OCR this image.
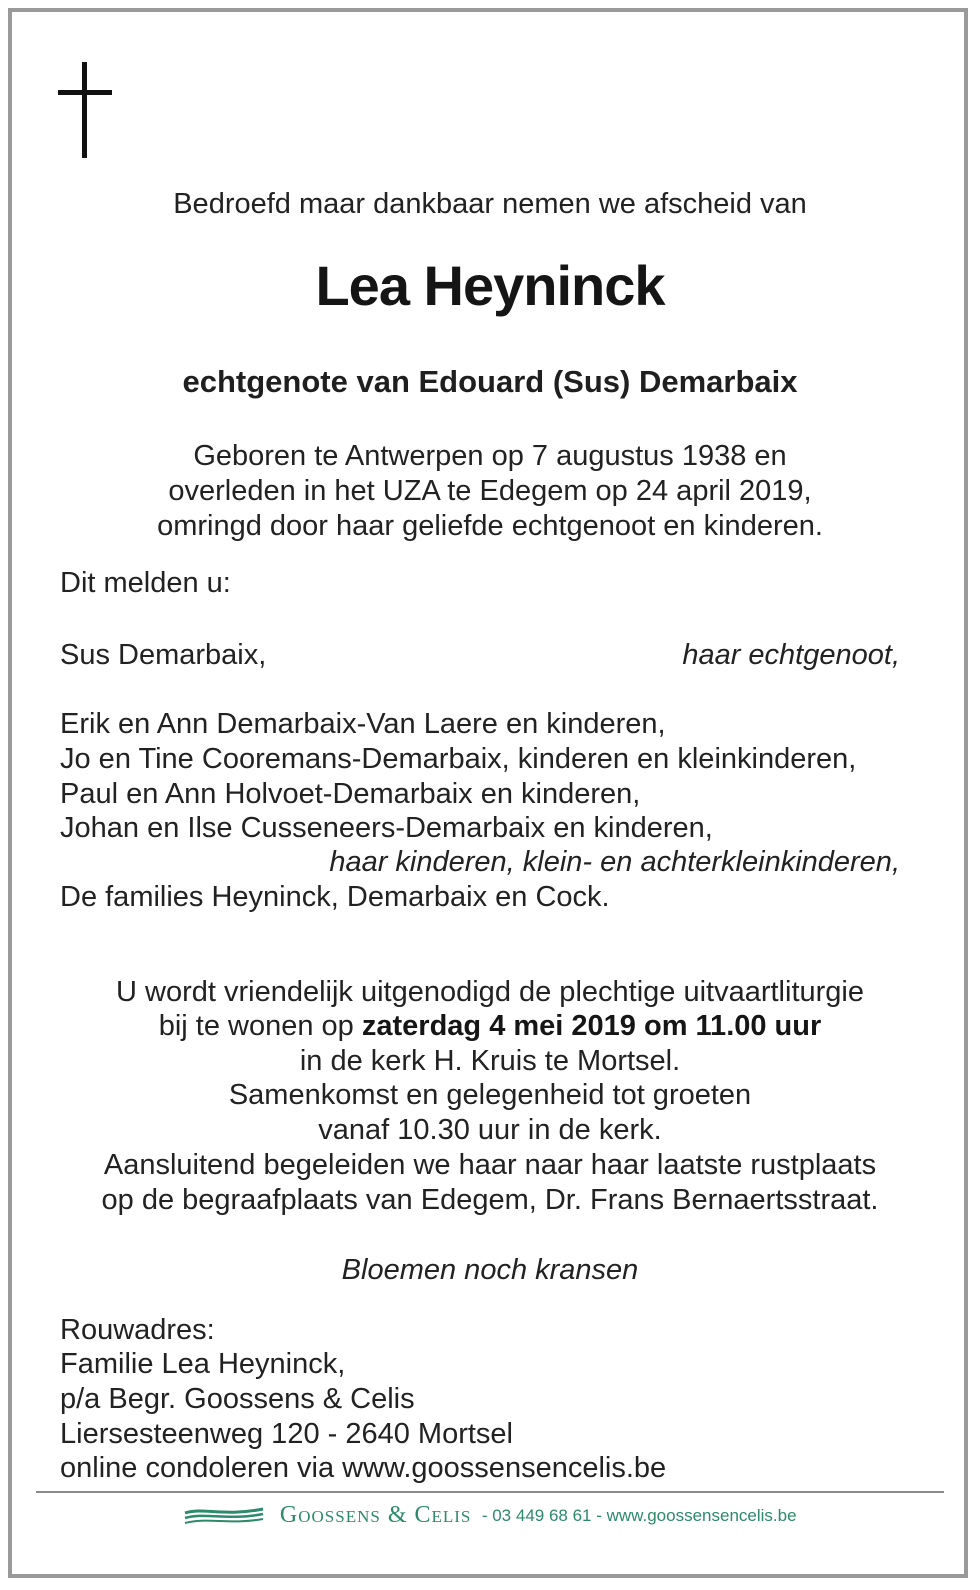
Bedroefd maar dankbaar nemen we afscheid van
Lea Heyninck
echtgenote van Edouard (Sus) Demarbaix
Geboren te Antwerpen op 7 augustus 1938 en
overleden in het UZA te Edegem op 24 april 2019,
omringd door haar geliefde echtgenoot en kinderen.
Dit melden u:
Sus Demarbaix,	haar echtgenoot,
Erik en Ann Demarbaix-Van Laere en kinderen,
Jo en Tine Cooremans-Demarbaix, kinderen en kleinkinderen,
Paul en Ann Holvoet-Demarbaix en kinderen,
Johan en Ilse Cusseneers-Demarbaix en kinderen,
haar kinderen, klein- en achterkleinkinderen,
De families Heyninck, Demarbaix en Cock.
U wordt vriendelijk uitgenodigd de plechtige uitvaartliturgie
bij te wonen op zaterdag 4 mei 2019 om 11.00 uur
in de kerk H. Kruis te Mortsel.
Samenkomst en gelegenheid tot groeten
vanaf 10.30 uur in de kerk.
Aansluitend begeleiden we haar naar haar laatste rustplaats
op de begraafplaats van Edegem, Dr. Frans Bernaertsstraat.
Bloemen noch kransen
Rouwadres:
Familie Lea Heyninck,
p/a Begr. Goossens & Celis
Liersesteenweg 120 - 2640 Mortsel
online condoleren via www.goossensencelis.be
Goossens & Celis - 03 449 68 61 - www.goossensencelis.be
